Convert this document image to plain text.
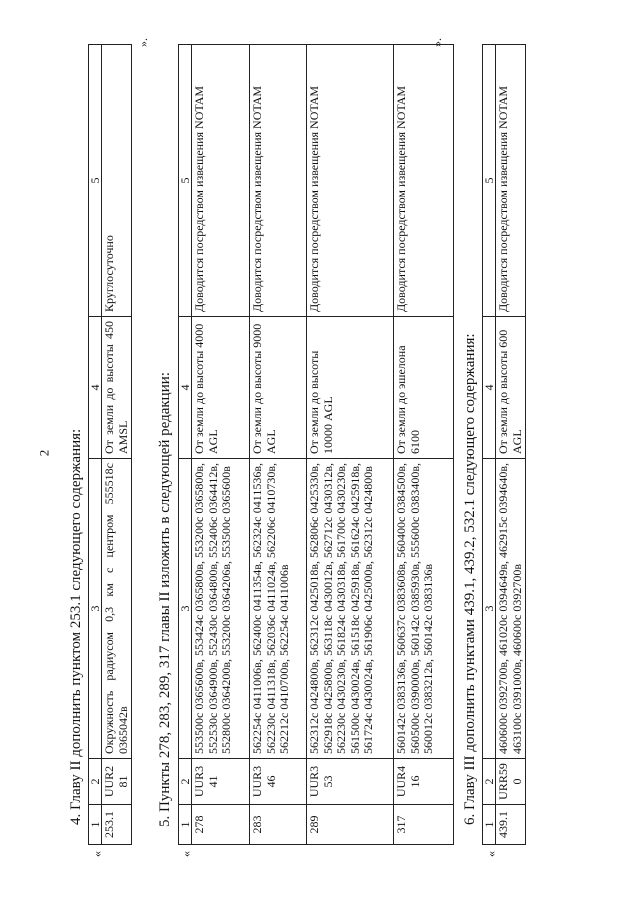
2 4. Главу II дополнить пунктом 253.1 следующего содержания:
«
1	2	3	4	5
253.1	UUR281	Окружность радиусом 0,3 км с центром 555518с 0365042в	От земли до высоты 450 AMSL	Круглосуточно
».
5. Пункты 278, 283, 289, 317 главы II изложить в следующей редакции:
«
1	2	3	4	5
278	UUR341	553500с 0365600в, 553424с 0365800в, 553200с 0365800в, 552530с 0364900в, 552430с 0364800в, 552406с 0364412в, 552800с 0364200в, 553200с 0364206в, 553500с 0365600в	От земли до высоты 4000 AGL	Доводится посредством извещения NOTAM
283	UUR346	562254с 0411006в, 562400с 0411354в, 562324с 0411536в, 562230с 0411318в, 562036с 0411024в, 562206с 0410730в, 562212с 0410700в, 562254с 0411006в	От земли до высоты 9000 AGL	Доводится посредством извещения NOTAM
289	UUR353	562312с 0424800в, 562312с 0425018в, 562806с 0425330в, 562918с 0425800в, 563118с 0430012в, 562712с 0430312в, 562230с 0430230в, 561824с 0430318в, 561700с 0430230в, 561500с 0430024в, 561518с 0425918в, 561624с 0425918в, 561724с 0430024в, 561906с 0425000в, 562312с 0424800в	От земли до высоты 10000 AGL	Доводится посредством извещения NOTAM
317	UUR416	560142с 0383136в, 560637с 0383608в, 560400с 0384500в, 560500с 0390000в, 560142с 0385930в, 555600с 0383400в, 560012с 0383212в, 560142с 0383136в	От земли до эшелона 6100	Доводится посредством извещения NOTAM
».
6. Главу III дополнить пунктами 439.1, 439.2, 532.1 следующего содержания:
«
1	2	3	4	5
439.1	URR590	460600с 0392700в, 461020с 0394649в, 462915с 0394640в, 463100с 0391000в, 460600с 0392700в	От земли до высоты 600 AGL	Доводится посредством извещения NOTAM
